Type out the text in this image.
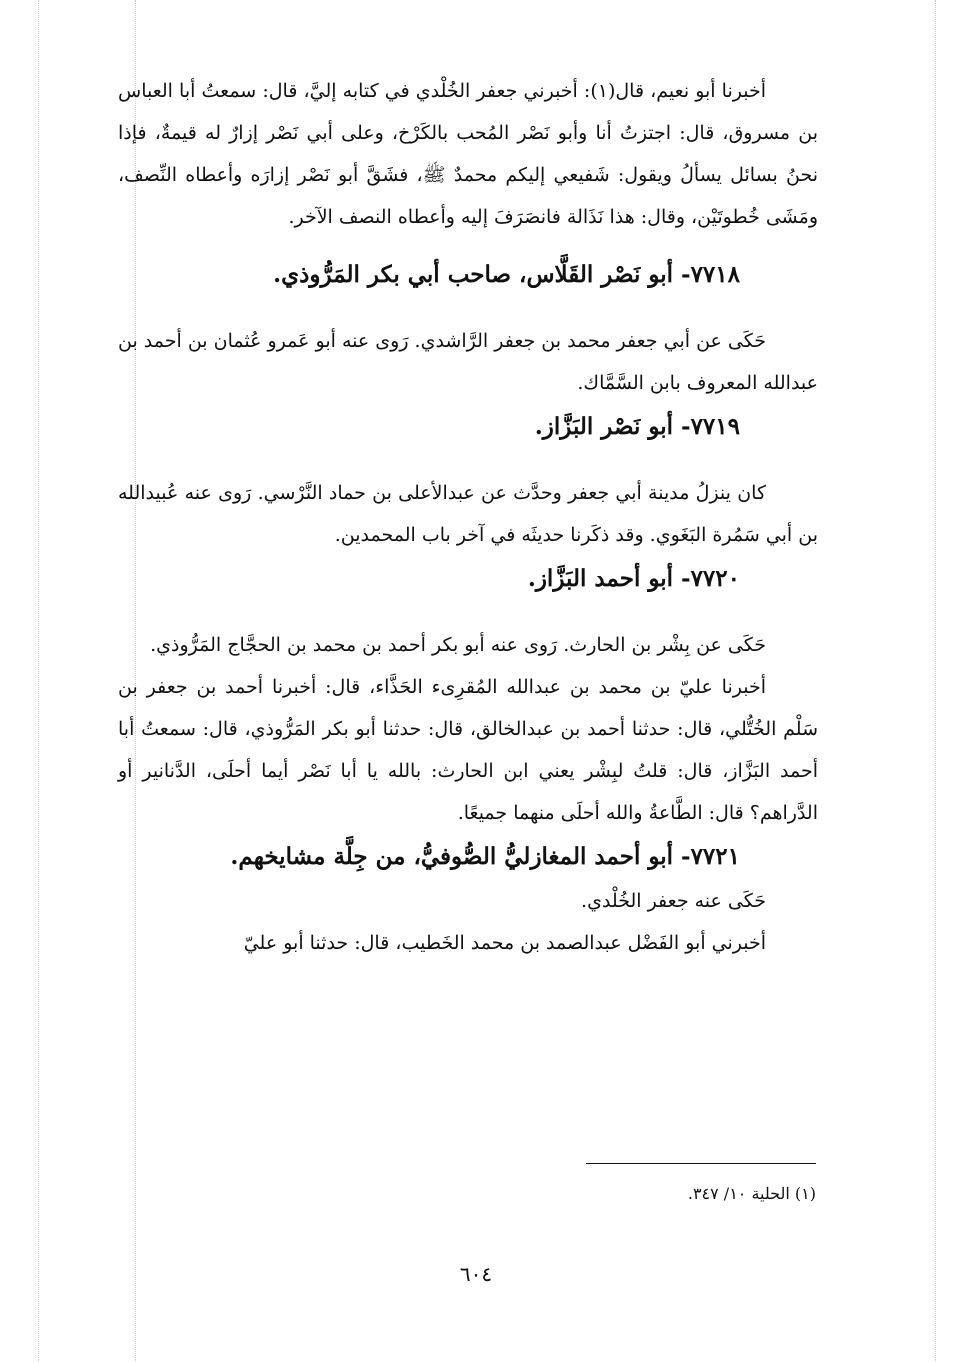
أخبرنا أبو نعيم، قال(١): أخبرني جعفر الخُلْدي في كتابه إليَّ، قال: سمعتُ أبا العباس بن مسروق، قال: اجتزتُ أنا وأبو نَصْر المُحب بالكَرْخ، وعلى أبي نَصْر إزارٌ له قيمةٌ، فإذا نحنُ بسائل يسألُ ويقول: شَفيعي إليكم محمدٌ ﷺ، فشَقَّ أبو نَصْر إزارَه وأعطاه النِّصف، ومَشَى خُطوتَيْن، وقال: هذا نَذَالة فانصَرَفَ إليه وأعطاه النصف الآخر.

٧٧١٨- أبو نَصْر القَلَّاس، صاحب أبي بكر المَرُّوذي.

حَكَى عن أبي جعفر محمد بن جعفر الرَّاشدي. رَوى عنه أبو عَمرو عُثمان بن أحمد بن عبدالله المعروف بابن السَّمَّاك.

٧٧١٩- أبو نَصْر البَزَّاز.

كان ينزلُ مدينة أبي جعفر وحدَّث عن عبدالأعلى بن حماد النَّرْسي. رَوى عنه عُبيدالله بن أبي سَمُرة البَغَوي. وقد ذكَرنا حديثَه في آخر باب المحمدين.

٧٧٢٠- أبو أحمد البَزَّاز.

حَكَى عن بِشْر بن الحارث. رَوى عنه أبو بكر أحمد بن محمد بن الحجَّاج المَرُّوذي.

أخبرنا عليّ بن محمد بن عبدالله المُقرِىء الحَذَّاء، قال: أخبرنا أحمد بن جعفر بن سَلْم الخُتُّلي، قال: حدثنا أحمد بن عبدالخالق، قال: حدثنا أبو بكر المَرُّوذي، قال: سمعتُ أبا أحمد البَزَّاز، قال: قلتُ لبِشْر يعني ابن الحارث: بالله يا أبا نَصْر أيما أحلَى، الدَّنانير أو الدَّراهم؟ قال: الطَّاعةُ والله أحلَى منهما جميعًا.

٧٧٢١- أبو أحمد المغازليُّ الصُّوفيُّ، من جِلَّة مشايخهم.

حَكَى عنه جعفر الخُلْدي.

أخبرني أبو الفَضْل عبدالصمد بن محمد الخَطيب، قال: حدثنا أبو عليّ

(١) الحلية ١٠/ ٣٤٧.
٦٠٤
